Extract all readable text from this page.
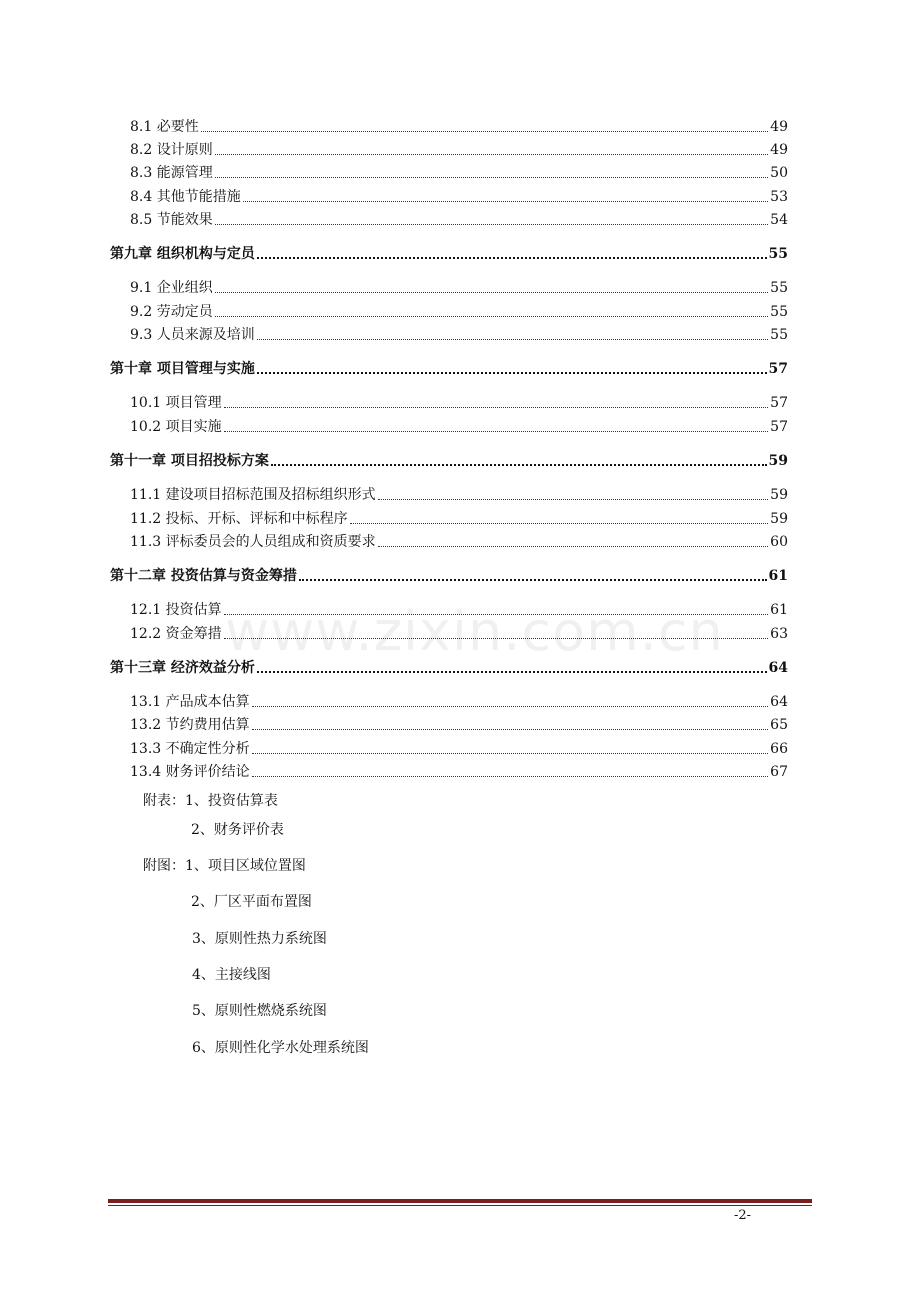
8.1 必要性	49
8.2 设计原则	49
8.3 能源管理	50
8.4 其他节能措施	53
8.5 节能效果	54
第九章 组织机构与定员	55
9.1 企业组织	55
9.2 劳动定员	55
9.3 人员来源及培训	55
第十章 项目管理与实施	57
10.1 项目管理	57
10.2 项目实施	57
第十一章 项目招投标方案	59
11.1 建设项目招标范围及招标组织形式	59
11.2 投标、开标、评标和中标程序	59
11.3 评标委员会的人员组成和资质要求	60
第十二章 投资估算与资金筹措	61
12.1 投资估算	61
12.2 资金筹措	63
第十三章 经济效益分析	64
13.1 产品成本估算	64
13.2 节约费用估算	65
13.3 不确定性分析	66
13.4 财务评价结论	67
附表：1、投资估算表
2、财务评价表
附图：1、项目区域位置图
2、厂区平面布置图
3、原则性热力系统图
4、主接线图
5、原则性燃烧系统图
6、原则性化学水处理系统图
www.zixin.com.cn
-2-
